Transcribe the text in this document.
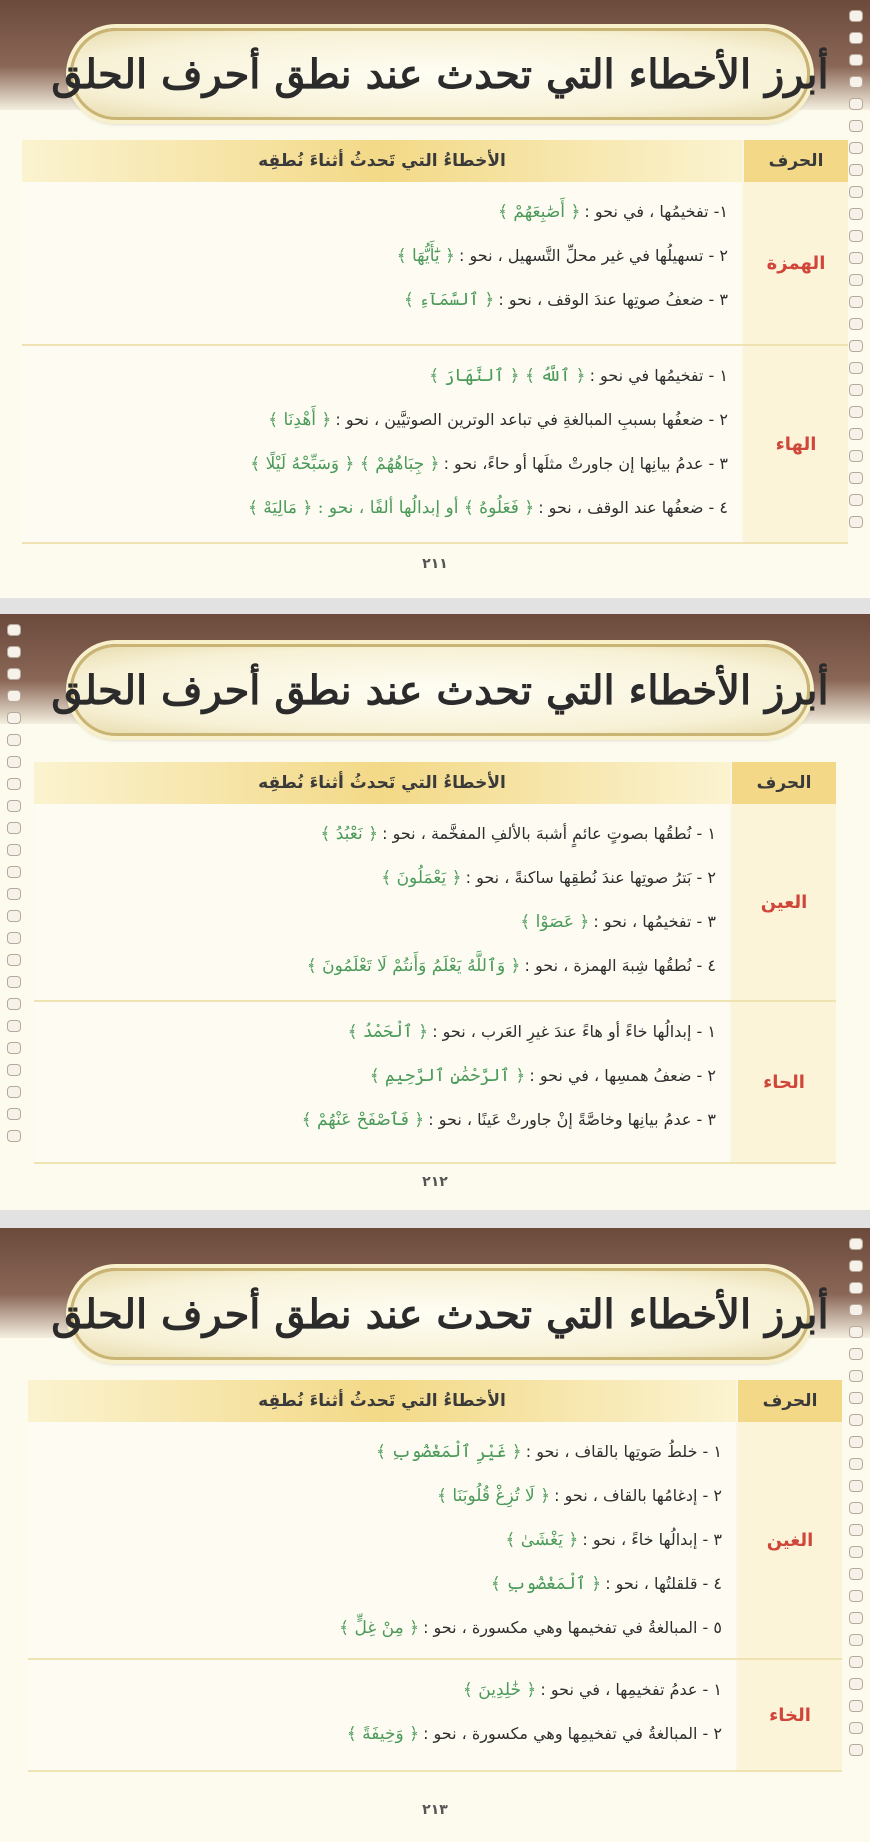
أبرز الأخطاء التي تحدث عند نطق أحرف الحلق
الحرف
الأخطاءُ التي تَحدثُ أثناءَ نُطقِه
الهمزة
١- تفخيمُها ، في نحو :
﴿ أَصَٰبِعَهُمْ ﴾
٢ - تسهيلُها في غير محلِّ التَّسهيل ، نحو :
﴿ يَٰٓأَيُّهَا ﴾
٣ - ضعفُ صوتِها عندَ الوقف ، نحو :
﴿ ٱلسَّمَآءِ ﴾
الهاء
١ - تفخيمُها في نحو :
﴿ ٱللَّهُ ﴾ ﴿ ٱلنَّهَارَ ﴾
٢ - ضعفُها بسببِ المبالغةِ في تباعد الوترين الصوتيَّين ، نحو :
﴿ أَهْدِنَا ﴾
٣ - عدمُ بيانِها إن جاورتْ مثلَها أو حاءً، نحو :
﴿ جِبَاهُهُمْ ﴾ ﴿ وَسَبِّحْهُ لَيْلًا ﴾
٤ - ضعفُها عند الوقف ، نحو :
﴿ فَعَلُوهُ ﴾ أو إبدالُها ألفًا ، نحو : ﴿ مَالِيَهْ ﴾
٢١١
أبرز الأخطاء التي تحدث عند نطق أحرف الحلق
الحرف
الأخطاءُ التي تَحدثُ أثناءَ نُطقِه
العين
١ - نُطقُها بصوتٍ عائمٍ أشبهَ بالألفِ المفخَّمة ، نحو :
﴿ نَعْبُدُ ﴾
٢ - بَترُ صوتِها عندَ نُطقِها ساكنةً ، نحو :
﴿ يَعْمَلُونَ ﴾
٣ - تفخيمُها ، نحو :
﴿ عَصَوْا ﴾
٤ - نُطقُها شِبهَ الهمزة ، نحو :
﴿ وَٱللَّهُ يَعْلَمُ وَأَنتُمْ لَا تَعْلَمُونَ ﴾
الحاء
١ - إبدالُها خاءً أو هاءً عندَ غيرِ العَرب ، نحو :
﴿ ٱلْحَمْدُ ﴾
٢ - ضعفُ همسِها ، في نحو :
﴿ ٱلرَّحْمَٰنِ ٱلرَّحِيمِ ﴾
٣ - عدمُ بيانِها وخاصَّةً إنْ جاورتْ عَينًا ، نحو :
﴿ فَٱصْفَحْ عَنْهُمْ ﴾
٢١٢
أبرز الأخطاء التي تحدث عند نطق أحرف الحلق
الحرف
الأخطاءُ التي تَحدثُ أثناءَ نُطقِه
الغين
١ - خلطُ صَوتِها بالقاف ، نحو :
﴿ غَيْرِ ٱلْمَغْضُوبِ ﴾
٢ - إدغامُها بالقاف ، نحو :
﴿ لَا تُزِغْ قُلُوبَنَا ﴾
٣ - إبدالُها خاءً ، نحو :
﴿ يَغْشَىٰ ﴾
٤ - قلقلتُها ، نحو :
﴿ ٱلْمَغْضُوبِ ﴾
٥ - المبالغةُ في تفخيمها وهي مكسورة ، نحو :
﴿ مِنْ غِلٍّ ﴾
الخاء
١ - عدمُ تفخيمِها ، في نحو :
﴿ خَٰلِدِينَ ﴾
٢ - المبالغةُ في تفخيمِها وهي مكسورة ، نحو :
﴿ وَخِيفَةً ﴾
٢١٣
